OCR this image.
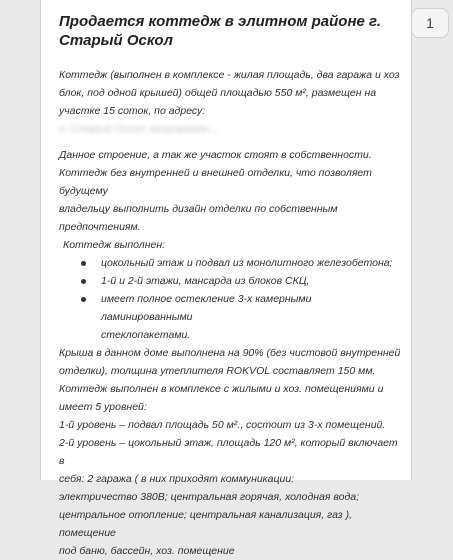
Продается коттедж в элитном районе г. Старый Оскол

Коттедж (выполнен в комплексе - жилая площадь, два гаража и хоз

блок, под одной крышей) общей площадью 550 м², размещен на

участке 15 соток, по адресу:

г. Старый Оскол, микрорайон ...

Данное строение, а так же участок стоят в собственности.

Коттедж без внутренней и внешней отделки, что позволяет будущему

владельцу выполнить дизайн отделки по собственным

предпочтениям.

Коттедж выполнен:

цокольный этаж и подвал из монолитного железобетона;
1-й и 2-й этажи, мансарда из блоков СКЦ,
имеет полное остекление 3-х камерными ламинированными
стеклопакетами.

Крыша в данном доме выполнена на 90% (без чистовой внутренней

отделки), толщина утеплителя ROKVOL составляет 150 мм.

Коттедж выполнен в комплексе с жилыми и хоз. помещениями и

имеет 5 уровней:

1-й уровень – подвал площадь 50 м²., состоит из 3-х помещений.

2-й уровень – цокольный этаж, площадь 120 м², который включает в

себя: 2 гаража ( в них приходят коммуникации:

электричество 380В; центральная горячая, холодная вода;

центральное отопление; центральная канализация, газ ), помещение

под баню, бассейн, хоз. помещение

1
